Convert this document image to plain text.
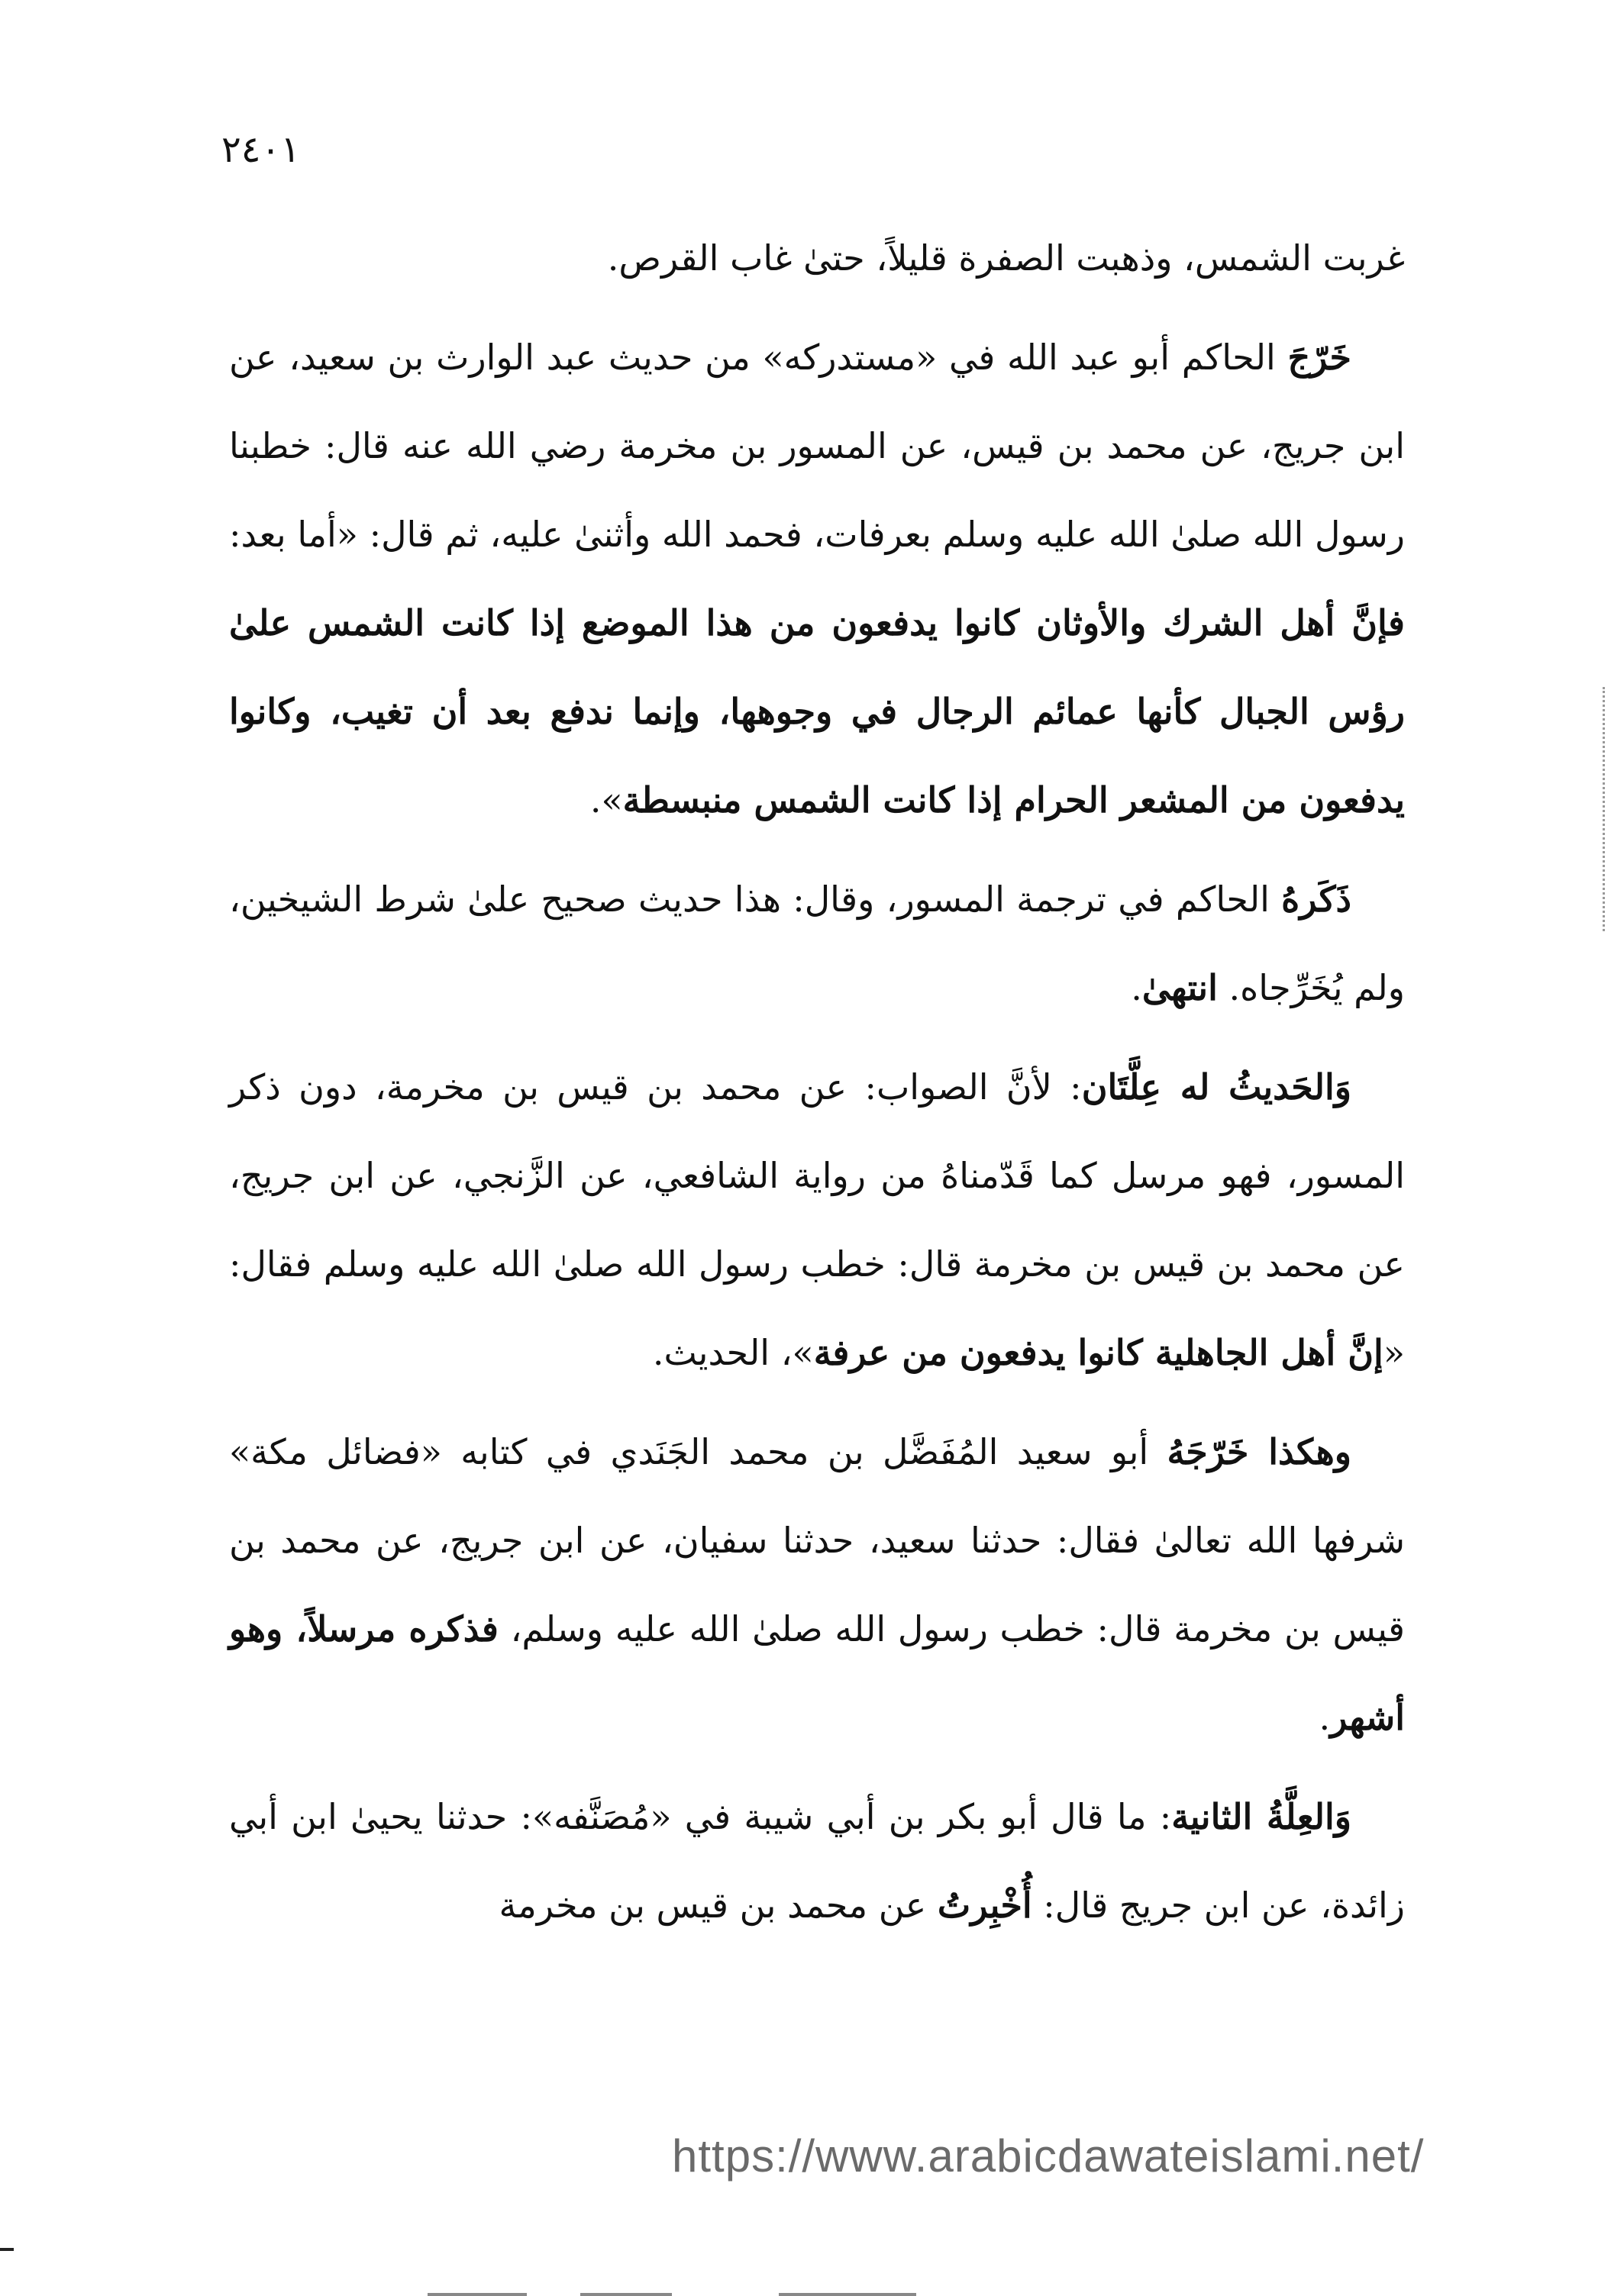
٢٤٠١

غربت الشمس، وذهبت الصفرة قليلاً، حتىٰ غاب القرص.

خَرّجَ الحاكم أبو عبد الله في «مستدركه» من حديث عبد الوارث بن سعيد، عن ابن جريج، عن محمد بن قيس، عن المسور بن مخرمة رضي الله عنه قال: خطبنا رسول الله صلىٰ الله عليه وسلم بعرفات، فحمد الله وأثنىٰ عليه، ثم قال: «أما بعد: فإنَّ أهل الشرك والأوثان كانوا يدفعون من هذا الموضع إذا كانت الشمس علىٰ رؤس الجبال كأنها عمائم الرجال في وجوهها، وإنما ندفع بعد أن تغيب، وكانوا يدفعون من المشعر الحرام إذا كانت الشمس منبسطة».

ذَكَرهُ الحاكم في ترجمة المسور، وقال: هذا حديث صحيح علىٰ شرط الشيخين، ولم يُخَرِّجاه. انتهىٰ.

وَالحَديثُ له عِلَّتَان: لأنَّ الصواب: عن محمد بن قيس بن مخرمة، دون ذكر المسور، فهو مرسل كما قَدّمناهُ من رواية الشافعي، عن الزَّنجي، عن ابن جريج، عن محمد بن قيس بن مخرمة قال: خطب رسول الله صلىٰ الله عليه وسلم فقال: «إنَّ أهل الجاهلية كانوا يدفعون من عرفة»، الحديث.

وهكذا خَرّجَهُ أبو سعيد المُفَضَّل بن محمد الجَنَدي في كتابه «فضائل مكة» شرفها الله تعالىٰ فقال: حدثنا سعيد، حدثنا سفيان، عن ابن جريج، عن محمد بن قيس بن مخرمة قال: خطب رسول الله صلىٰ الله عليه وسلم، فذكره مرسلاً، وهو أشهر.

وَالعِلَّةُ الثانية: ما قال أبو بكر بن أبي شيبة في «مُصَنَّفه»: حدثنا يحيىٰ ابن أبي زائدة، عن ابن جريج قال: أُخْبِرتُ عن محمد بن قيس بن مخرمة

https://www.arabicdawateislami.net/
